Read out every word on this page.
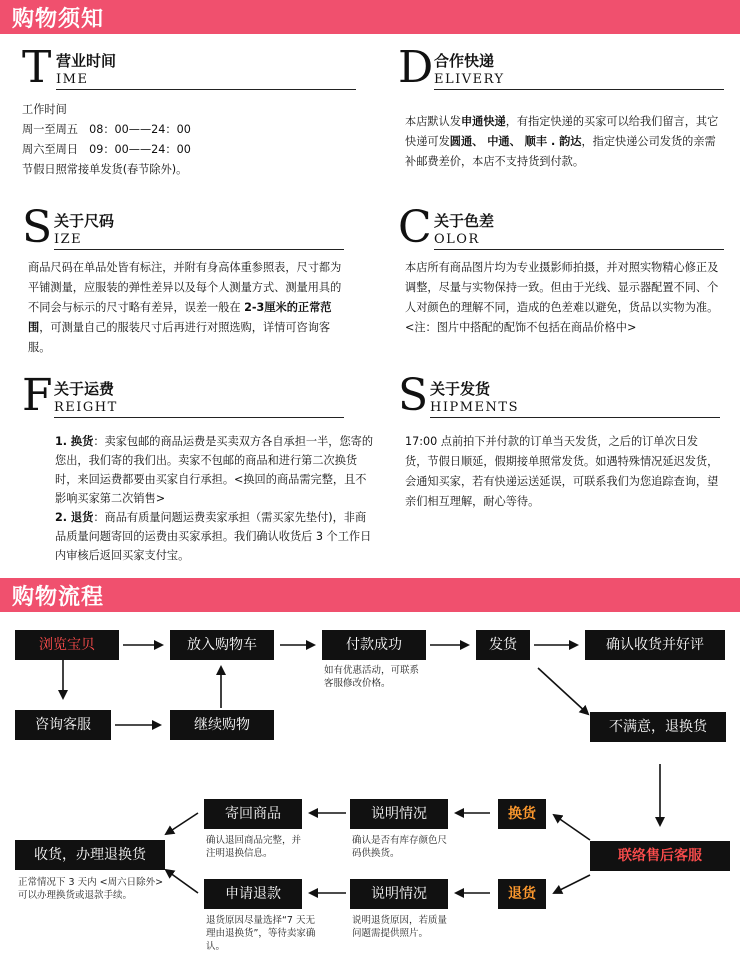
购物须知
T 营业时间
IME

工作时间

周一至周五　08：00——24：00

周六至周日　09：00——24：00

节假日照常接单发货(春节除外)。

D 合作快递
ELIVERY

本店默认发申通快递，有指定快递的买家可以给我们留言，其它快递可发圆通、 中通、 顺丰 . 韵达，指定快递公司发货的亲需补邮费差价，本店不支持货到付款。

S 关于尺码
IZE

商品尺码在单品处皆有标注，并附有身高体重参照表，尺寸都为平铺测量，应服装的弹性差异以及每个人测量方式、测量用具的不同会与标示的尺寸略有差异，误差一般在 2-3厘米的正常范围，可测量自己的服装尺寸后再进行对照选购，详情可咨询客服。

C 关于色差
OLOR

本店所有商品图片均为专业摄影师拍摄，并对照实物精心修正及调整，尽量与实物保持一致。但由于光线、显示器配置不同、个人对颜色的理解不同，造成的色差难以避免，货品以实物为准。

<注：图片中搭配的配饰不包括在商品价格中>

F 关于运费
REIGHT

1. 换货：卖家包邮的商品运费是买卖双方各自承担一半，您寄的您出，我们寄的我们出。卖家不包邮的商品和进行第二次换货时，来回运费都要由买家自行承担。<换回的商品需完整，且不影响买家第二次销售>

2. 退货：商品有质量问题运费卖家承担（需买家先垫付)，非商品质量问题寄回的运费由买家承担。我们确认收货后 3 个工作日内审核后返回买家支付宝。

S 关于发货
HIPMENTS

17:00 点前拍下并付款的订单当天发货，之后的订单次日发货，节假日顺延，假期接单照常发货。如遇特殊情况延迟发货，会通知买家，若有快递运送延误，可联系我们为您追踪查询，望亲们相互理解，耐心等待。

购物流程
浏览宝贝	放入购物车	付款成功	发货	确认收货并好评
如有优惠活动，可联系客服修改价格。
咨询客服	继续购物	不满意，退换货
寄回商品	说明情况	换货
确认退回商品完整，并注明退换信息。
确认是否有库存颜色尺码供换货。
收货，办理退换货
正常情况下 3 天内 <周六日除外> 可以办理换货或退款手续。
联络售后客服
申请退款	说明情况	退货
退货原因尽量选择“7 天无理由退换货”，等待卖家确认。
说明退货原因，若质量问题需提供照片。
